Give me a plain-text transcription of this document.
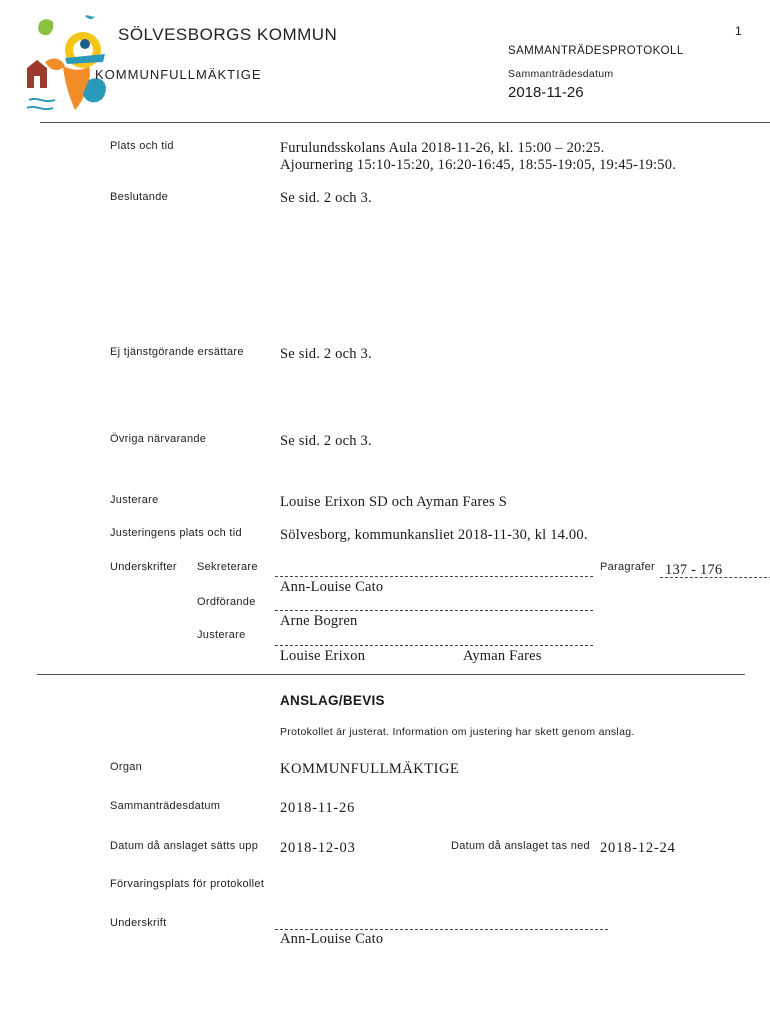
SÖLVESBORGS KOMMUN
KOMMUNFULLMÄKTIGE
1
SAMMANTRÄDESPROTOKOLL
Sammanträdesdatum
2018-11-26
Plats och tid	Furulundsskolans Aula 2018-11-26, kl. 15:00 – 20:25.
Ajournering 15:10-15:20, 16:20-16:45, 18:55-19:05, 19:45-19:50.
Beslutande	Se sid. 2 och 3.
Ej tjänstgörande ersättare Se sid. 2 och 3.
Övriga närvarande	Se sid. 2 och 3.
Justerare	Louise Erixon SD och Ayman Fares S
Justeringens plats och tid	Sölvesborg, kommunkansliet 2018-11-30, kl 14.00.
Underskrifter Sekreterare
Ann-Louise Cato
Paragrafer 137 - 176
Ordförande
Arne Bogren
Justerare
Louise Erixon	Ayman Fares
ANSLAG/BEVIS
Protokollet är justerat. Information om justering har skett genom anslag.
Organ	KOMMUNFULLMÄKTIGE
Sammanträdesdatum	2018-11-26
Datum då anslaget sätts upp 2018-12-03	Datum då anslaget tas ned 2018-12-24
Förvaringsplats för protokollet
Underskrift
Ann-Louise Cato
